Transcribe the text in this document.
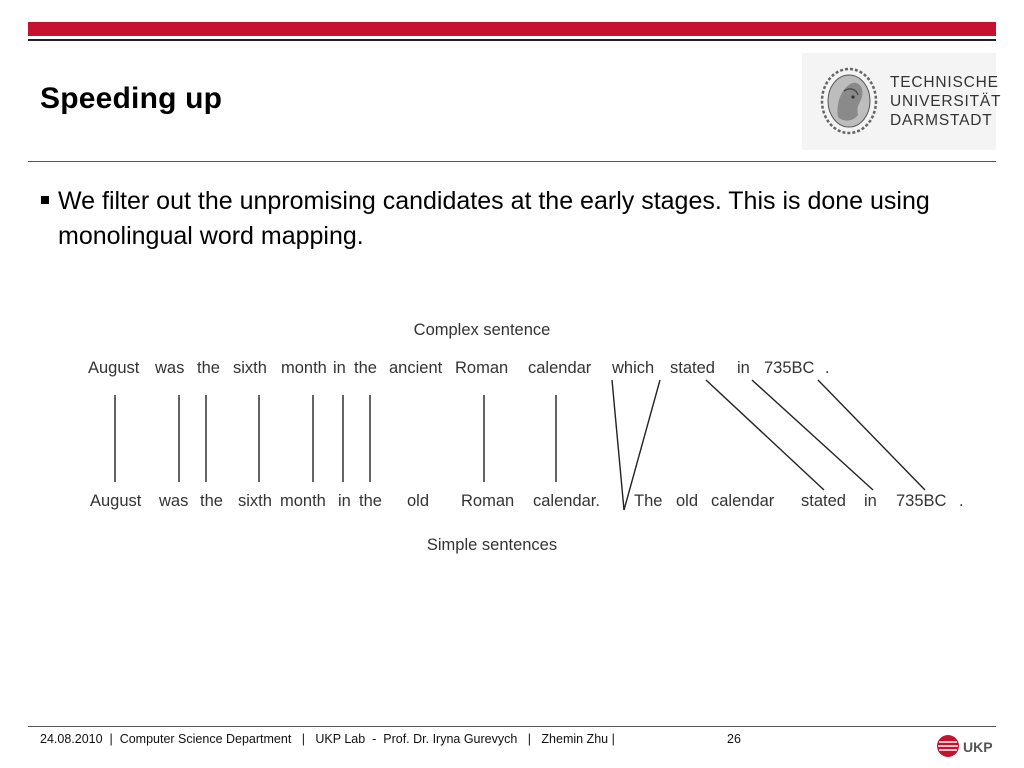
Speeding up	TECHNISCHE
UNIVERSITÄT
DARMSTADT
We filter out the unpromising candidates at the early stages. This is done using monolingual word mapping.
Complex sentence
August was the sixth month in the ancient Roman calendar which stated in 735BC .
August was the sixth month in the old Roman calendar. The old calendar stated in 735BC .
Simple sentences
24.08.2010  |  Computer Science Department   |   UKP Lab  -  Prof. Dr. Iryna Gurevych   |   Zhemin Zhu |	26	UKP
